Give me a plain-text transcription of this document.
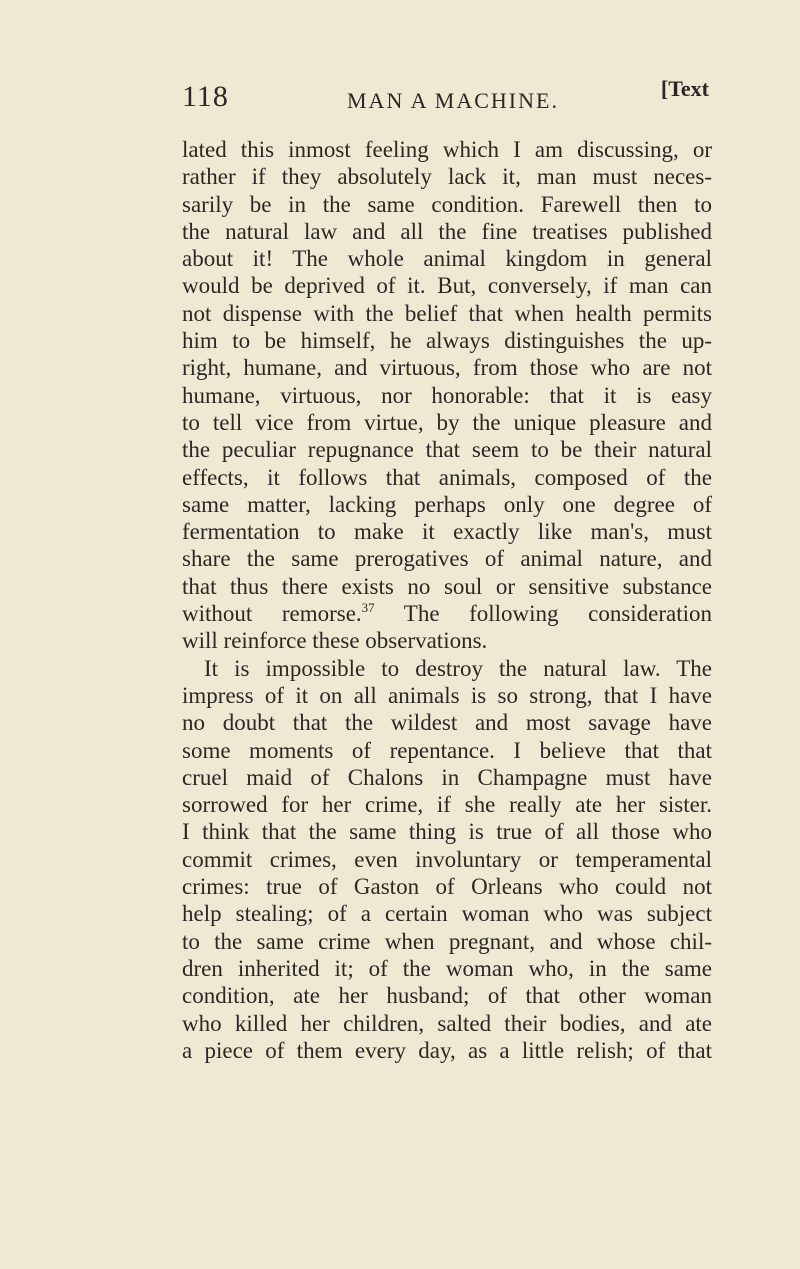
118	MAN A MACHINE.	[Text
lated this inmost feeling which I am discussing, or
rather if they absolutely lack it, man must neces-
sarily be in the same condition. Farewell then to
the natural law and all the fine treatises published
about it! The whole animal kingdom in general
would be deprived of it. But, conversely, if man can
not dispense with the belief that when health permits
him to be himself, he always distinguishes the up-
right, humane, and virtuous, from those who are not
humane, virtuous, nor honorable: that it is easy
to tell vice from virtue, by the unique pleasure and
the peculiar repugnance that seem to be their natural
effects, it follows that animals, composed of the
same matter, lacking perhaps only one degree of
fermentation to make it exactly like man's, must
share the same prerogatives of animal nature, and
that thus there exists no soul or sensitive substance
without remorse.$^{37}$ The following consideration
will reinforce these observations.
It is impossible to destroy the natural law. The
impress of it on all animals is so strong, that I have
no doubt that the wildest and most savage have
some moments of repentance. I believe that that
cruel maid of Chalons in Champagne must have
sorrowed for her crime, if she really ate her sister.
I think that the same thing is true of all those who
commit crimes, even involuntary or temperamental
crimes: true of Gaston of Orleans who could not
help stealing; of a certain woman who was subject
to the same crime when pregnant, and whose chil-
dren inherited it; of the woman who, in the same
condition, ate her husband; of that other woman
who killed her children, salted their bodies, and ate
a piece of them every day, as a little relish; of that
